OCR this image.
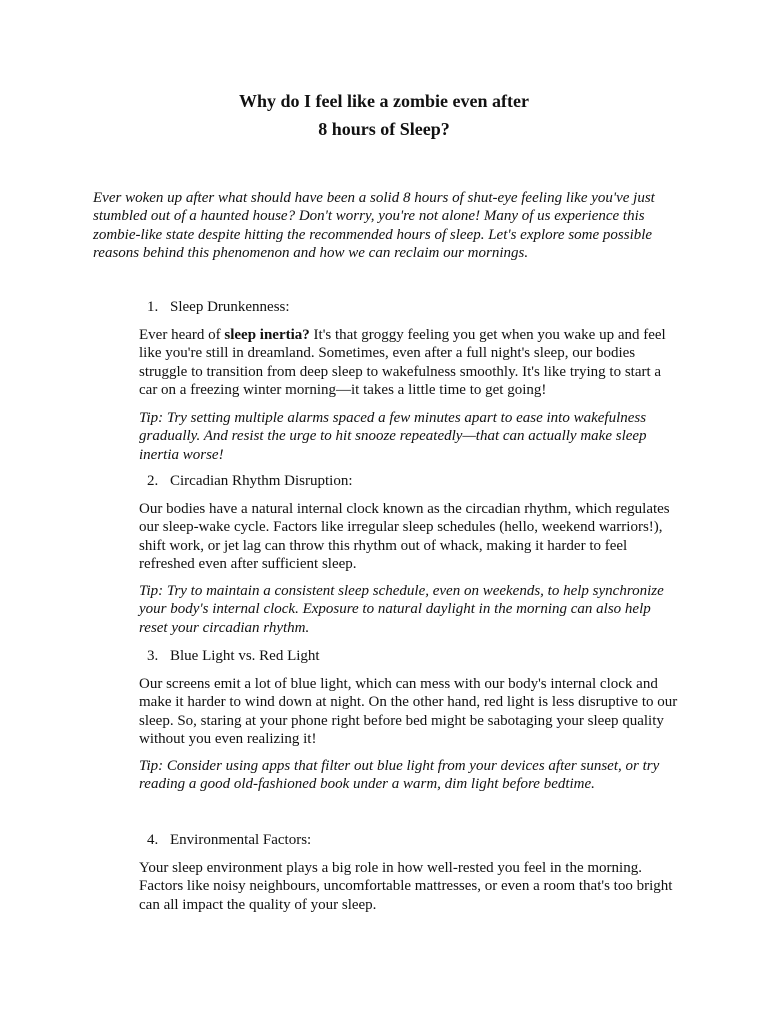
Why do I feel like a zombie even after
8 hours of Sleep?

Ever woken up after what should have been a solid 8 hours of shut-eye feeling like you've just stumbled out of a haunted house? Don't worry, you're not alone! Many of us experience this zombie-like state despite hitting the recommended hours of sleep. Let's explore some possible reasons behind this phenomenon and how we can reclaim our mornings.

1. Sleep Drunkenness:

Ever heard of sleep inertia? It's that groggy feeling you get when you wake up and feel like you're still in dreamland. Sometimes, even after a full night's sleep, our bodies struggle to transition from deep sleep to wakefulness smoothly. It's like trying to start a car on a freezing winter morning—it takes a little time to get going!

Tip: Try setting multiple alarms spaced a few minutes apart to ease into wakefulness gradually. And resist the urge to hit snooze repeatedly—that can actually make sleep inertia worse!

2. Circadian Rhythm Disruption:

Our bodies have a natural internal clock known as the circadian rhythm, which regulates our sleep-wake cycle. Factors like irregular sleep schedules (hello, weekend warriors!), shift work, or jet lag can throw this rhythm out of whack, making it harder to feel refreshed even after sufficient sleep.

Tip: Try to maintain a consistent sleep schedule, even on weekends, to help synchronize your body's internal clock. Exposure to natural daylight in the morning can also help reset your circadian rhythm.

3. Blue Light vs. Red Light

Our screens emit a lot of blue light, which can mess with our body's internal clock and make it harder to wind down at night. On the other hand, red light is less disruptive to our sleep. So, staring at your phone right before bed might be sabotaging your sleep quality without you even realizing it!

Tip: Consider using apps that filter out blue light from your devices after sunset, or try reading a good old-fashioned book under a warm, dim light before bedtime.

4. Environmental Factors:

Your sleep environment plays a big role in how well-rested you feel in the morning. Factors like noisy neighbours, uncomfortable mattresses, or even a room that's too bright can all impact the quality of your sleep.
